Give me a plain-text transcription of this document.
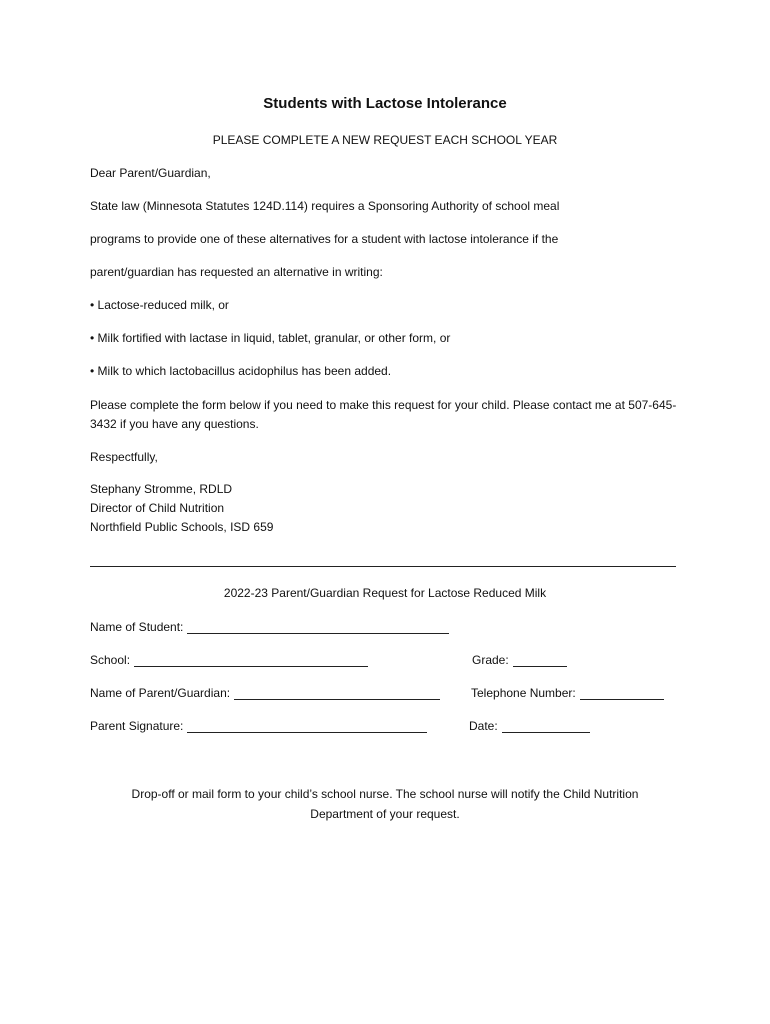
Students with Lactose Intolerance
PLEASE COMPLETE A NEW REQUEST EACH SCHOOL YEAR
Dear Parent/Guardian,
State law (Minnesota Statutes 124D.114) requires a Sponsoring Authority of school meal
programs to provide one of these alternatives for a student with lactose intolerance if the
parent/guardian has requested an alternative in writing:
• Lactose-reduced milk, or
• Milk fortified with lactase in liquid, tablet, granular, or other form, or
• Milk to which lactobacillus acidophilus has been added.
Please complete the form below if you need to make this request for your child. Please contact me at 507-645-3432 if you have any questions.
Respectfully,
Stephany Stromme, RDLD
Director of Child Nutrition
Northfield Public Schools, ISD 659
2022-23 Parent/Guardian Request for Lactose Reduced Milk
Name of Student:
School:	Grade:
Name of Parent/Guardian:	Telephone Number:
Parent Signature:	Date:
Drop-off or mail form to your child’s school nurse. The school nurse will notify the Child Nutrition Department of your request.
